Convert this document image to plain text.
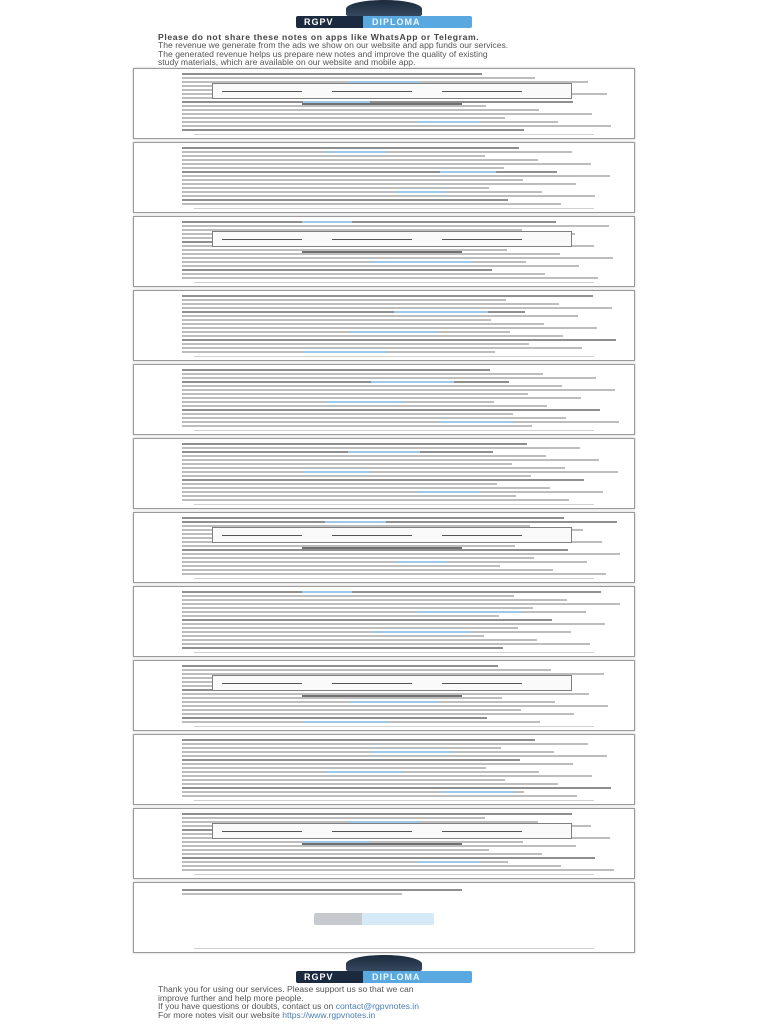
RGPV	DIPLOMA

Please do not share these notes on apps like WhatsApp or Telegram.

The revenue we generate from the ads we show on our website and app funds our services.

The generated revenue helps us prepare new notes and improve the quality of existing

study materials, which are available on our website and mobile app.

RGPV	DIPLOMA

Thank you for using our services. Please support us so that we can

improve further and help more people.

If you have questions or doubts, contact us on contact@rgpvnotes.in

For more notes visit our website https://www.rgpvnotes.in
